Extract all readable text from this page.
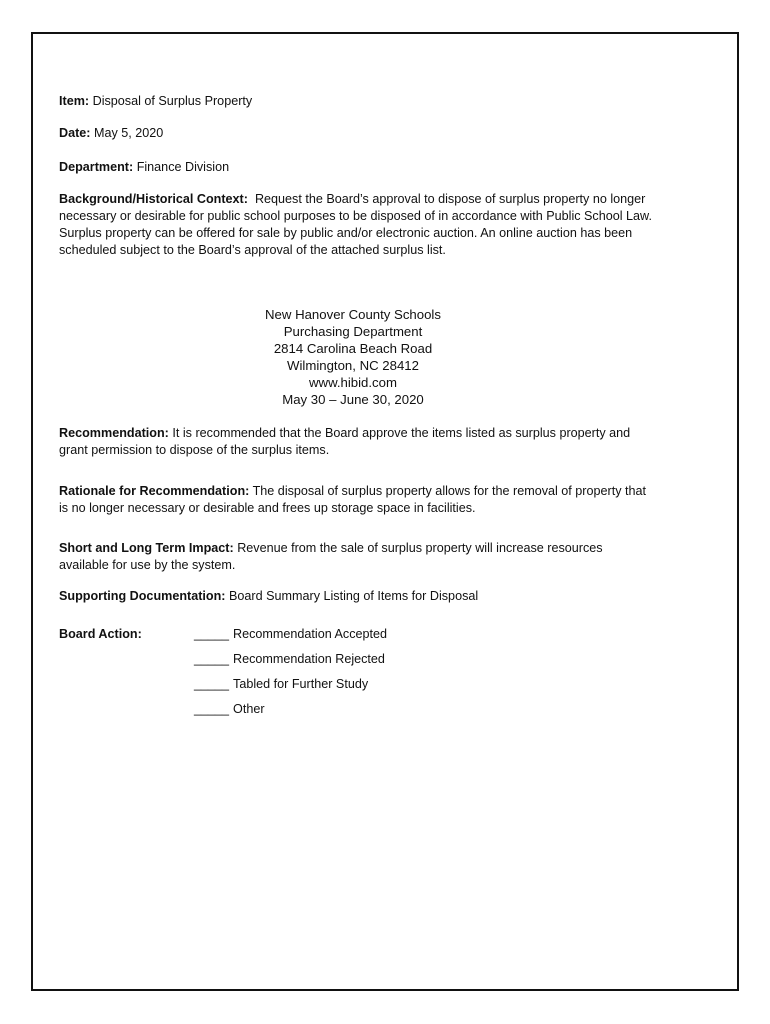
Item: Disposal of Surplus Property

Date: May 5, 2020

Department: Finance Division

Background/Historical Context: Request the Board’s approval to dispose of surplus property no longer necessary or desirable for public school purposes to be disposed of in accordance with Public School Law. Surplus property can be offered for sale by public and/or electronic auction. An online auction has been scheduled subject to the Board’s approval of the attached surplus list.

New Hanover County Schools
Purchasing Department
2814 Carolina Beach Road
Wilmington, NC 28412
www.hibid.com
May 30 – June 30, 2020

Recommendation: It is recommended that the Board approve the items listed as surplus property and grant permission to dispose of the surplus items.

Rationale for Recommendation: The disposal of surplus property allows for the removal of property that is no longer necessary or desirable and frees up storage space in facilities.

Short and Long Term Impact: Revenue from the sale of surplus property will increase resources available for use by the system.

Supporting Documentation: Board Summary Listing of Items for Disposal

Board Action:	_____ Recommendation Accepted
_____ Recommendation Rejected
_____ Tabled for Further Study
_____ Other
